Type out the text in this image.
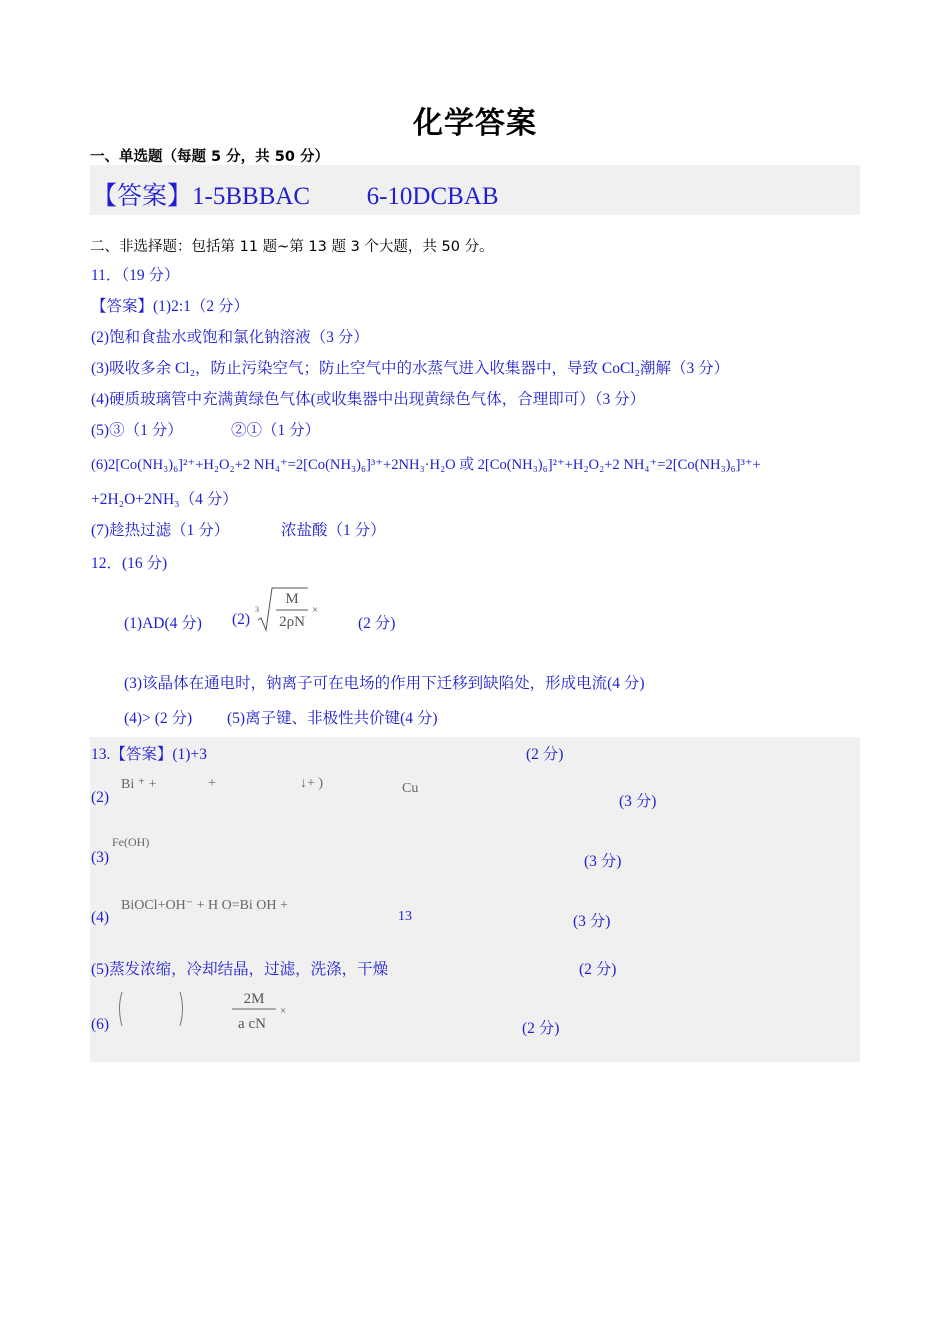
化学答案
一、单选题（每题 5 分，共 50 分）
【答案】1-5BBBAC 6-10DCBAB
二、非选择题：包括第 11 题~第 13 题 3 个大题，共 50 分。
11．（19 分）
【答案】(1)2:1（2 分）
(2)饱和食盐水或饱和氯化钠溶液（3 分）
(3)吸收多余 Cl₂，防止污染空气；防止空气中的水蒸气进入收集器中，导致 CoCl₂潮解（3 分）
(4)硬质玻璃管中充满黄绿色气体(或收集器中出现黄绿色气体，合理即可）（3 分）
(5)③（1 分）	②①（1 分）
(6)2[Co(NH₃)₆]²⁺+H₂O₂+2 NH₄⁺=2[Co(NH₃)₆]³⁺+2NH₃·H₂O 或 2[Co(NH₃)₆]²⁺+H₂O₂+2 NH₄⁺=2[Co(NH₃)₆]³⁺+
+2H₂O+2NH₃（4 分）
(7)趁热过滤（1 分）	浓盐酸（1 分）
12．(16 分)
(1)AD(4 分) (2)
3
M
2ρN
×
(2 分)
(3)该晶体在通电时，钠离子可在电场的作用下迁移到缺陷处，形成电流(4 分)
(4)> (2 分) (5)离子键、非极性共价键(4 分)
13.【答案】(1)+3	(2 分)
(2)
Bi ⁺ +	+	↓+ )	Cu
(3 分)
Fe(OH)
(3)	(3 分)
BiOCl+OH⁻ + H O=Bi OH +
(4)	13	(3 分)
(5)蒸发浓缩，冷却结晶，过滤，洗涤，干燥	(2 分)
(6)
2M
a cN
×
(2 分)
